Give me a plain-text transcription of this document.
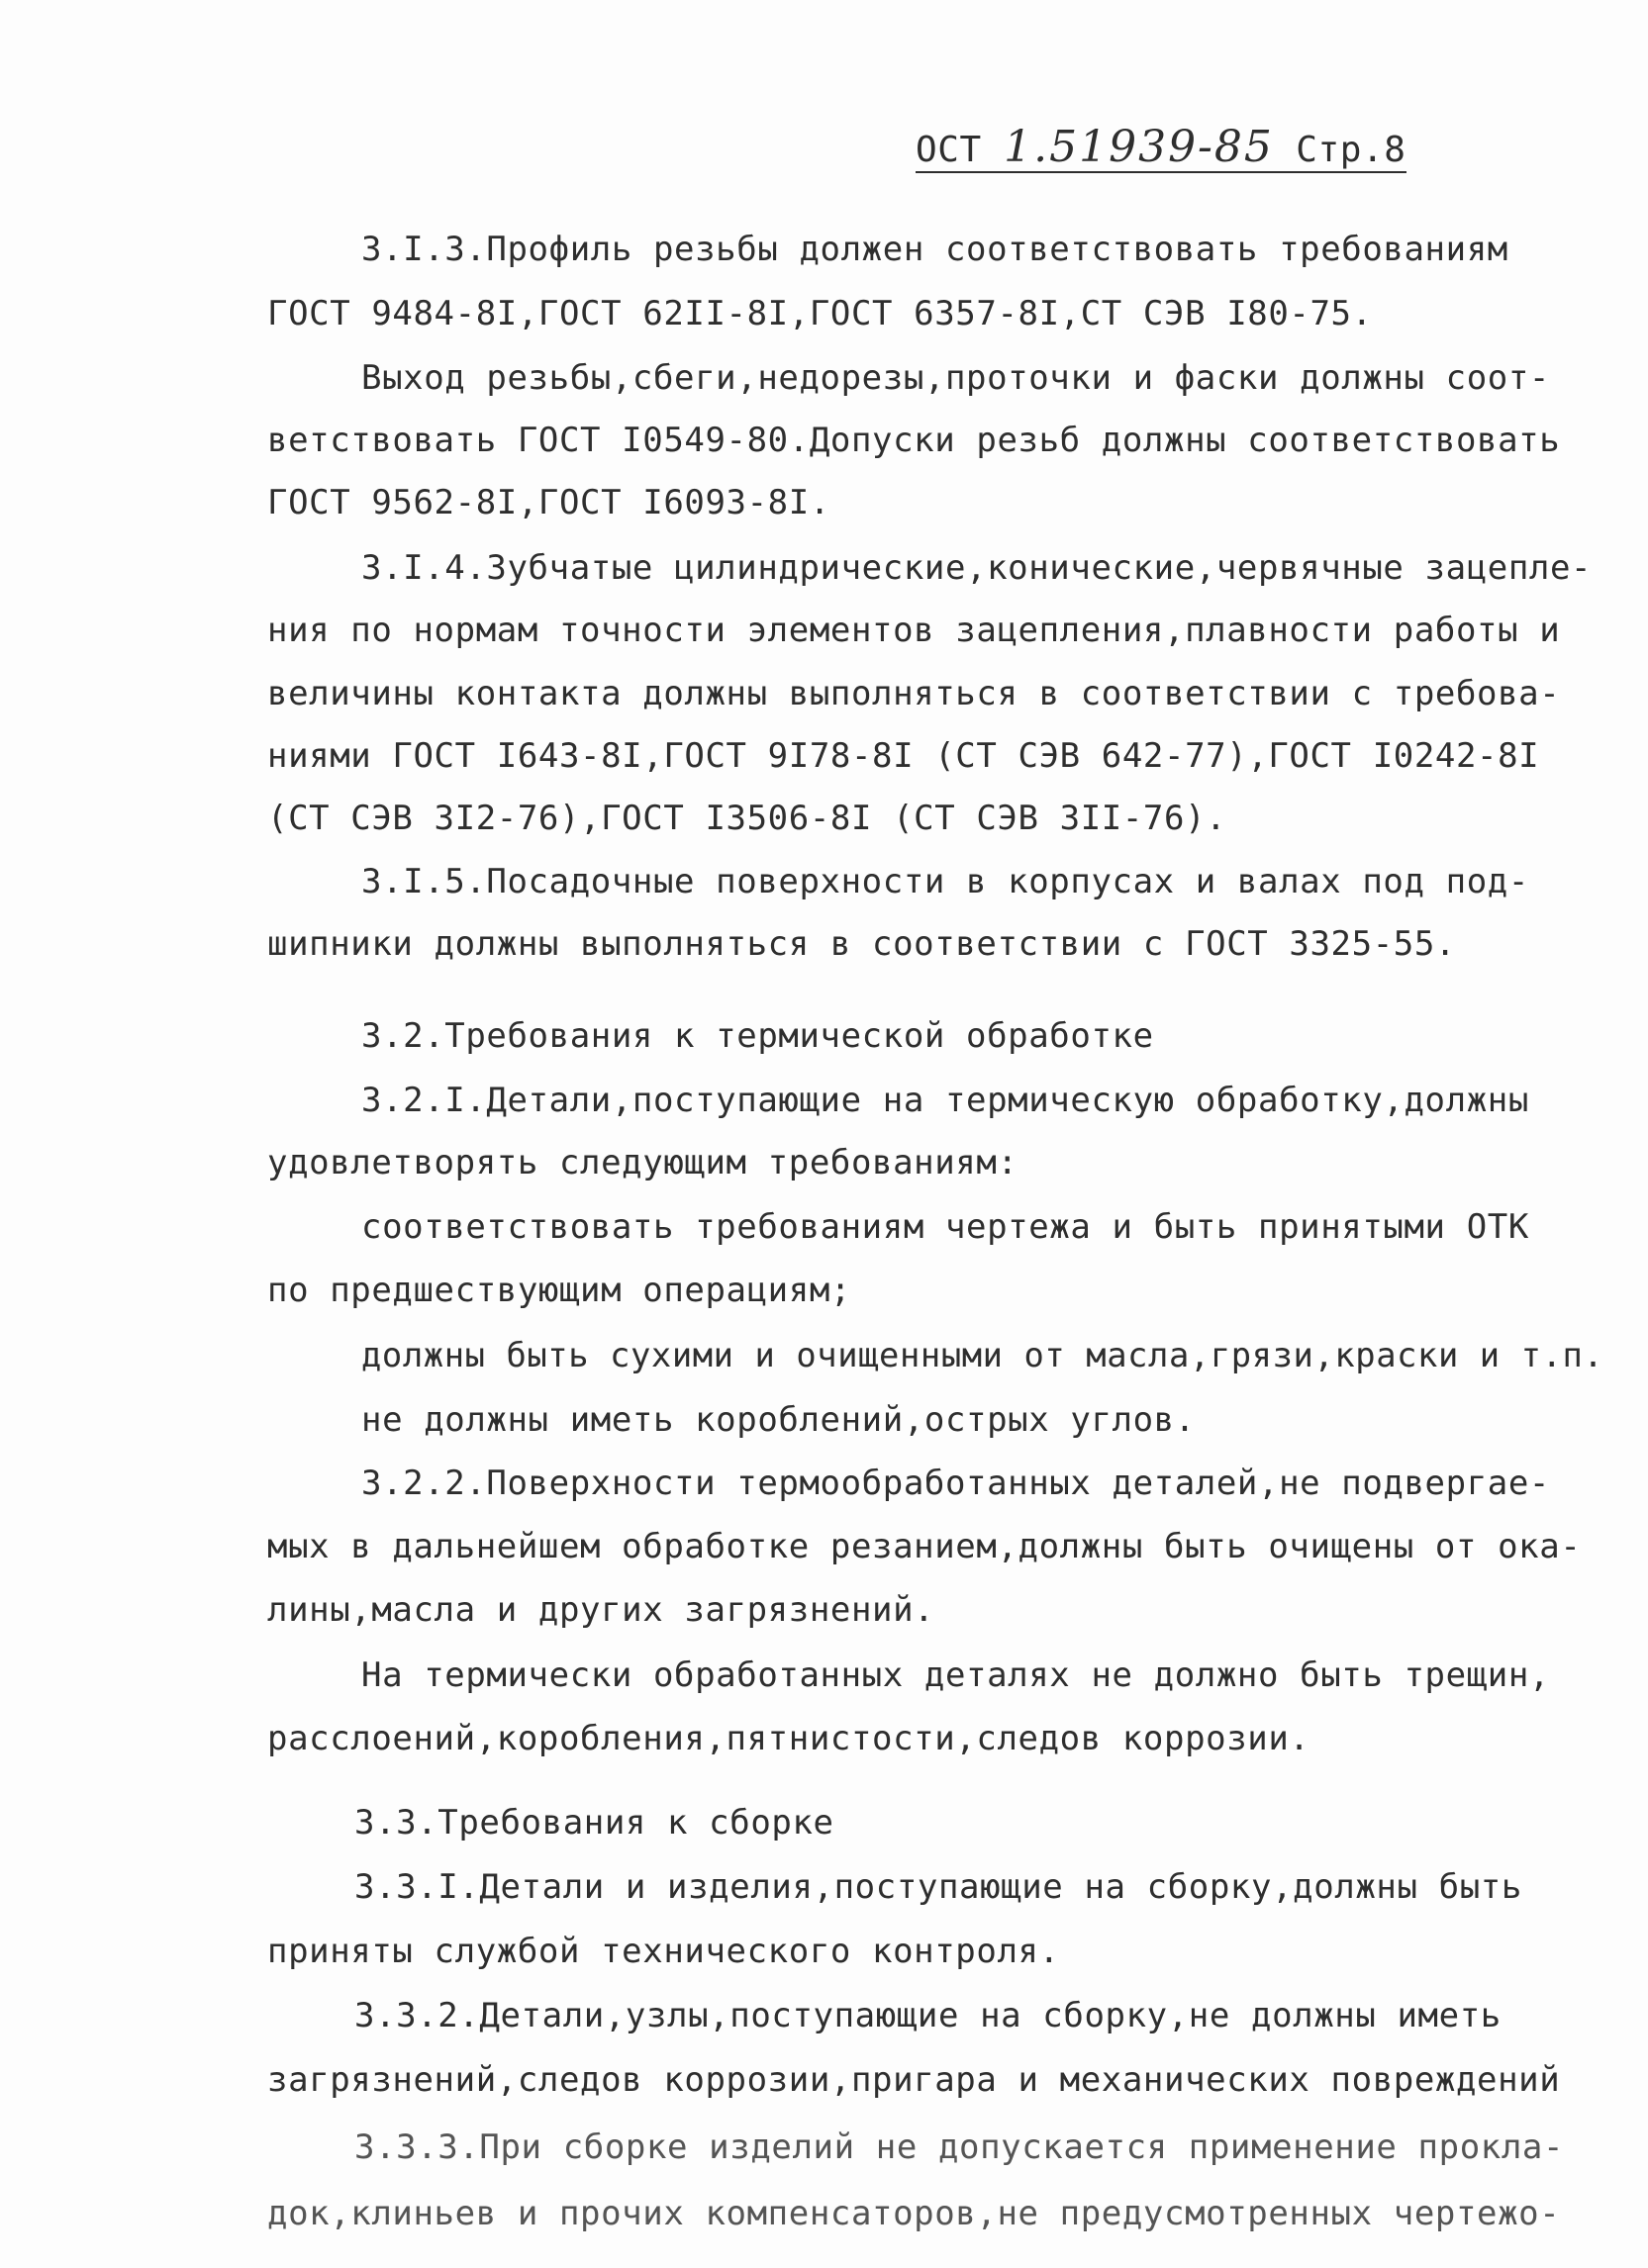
ОСТ 1.51939-85 Стр.8
3.I.3.Профиль резьбы должен соответствовать требованиям
ГОСТ 9484-8I,ГОСТ 62II-8I,ГОСТ 6357-8I,СТ СЭВ I80-75.
Выход резьбы,сбеги,недорезы,проточки и фаски должны соот-
ветствовать ГОСТ I0549-80.Допуски резьб должны соответствовать
ГОСТ 9562-8I,ГОСТ I6093-8I.
3.I.4.Зубчатые цилиндрические,конические,червячные зацепле-
ния по нормам точности элементов зацепления,плавности работы и
величины контакта должны выполняться в соответствии с требова-
ниями ГОСТ I643-8I,ГОСТ 9I78-8I (СТ СЭВ 642-77),ГОСТ I0242-8I
(СТ СЭВ 3I2-76),ГОСТ I3506-8I (СТ СЭВ 3II-76).
3.I.5.Посадочные поверхности в корпусах и валах под под-
шипники должны выполняться в соответствии с ГОСТ 3325-55.
3.2.Требования к термической обработке
3.2.I.Детали,поступающие на термическую обработку,должны
удовлетворять следующим требованиям:
соответствовать требованиям чертежа и быть принятыми ОТК
по предшествующим операциям;
должны быть сухими и очищенными от масла,грязи,краски и т.п.
не должны иметь короблений,острых углов.
3.2.2.Поверхности термообработанных деталей,не подвергае-
мых в дальнейшем обработке резанием,должны быть очищены от ока-
лины,масла и других загрязнений.
На термически обработанных деталях не должно быть трещин,
расслоений,коробления,пятнистости,следов коррозии.
3.3.Требования к сборке
3.3.I.Детали и изделия,поступающие на сборку,должны быть
приняты службой технического контроля.
3.3.2.Детали,узлы,поступающие на сборку,не должны иметь
загрязнений,следов коррозии,пригара и механических повреждений
3.3.3.При сборке изделий не допускается применение прокла-
док,клиньев и прочих компенсаторов,не предусмотренных чертежо-
